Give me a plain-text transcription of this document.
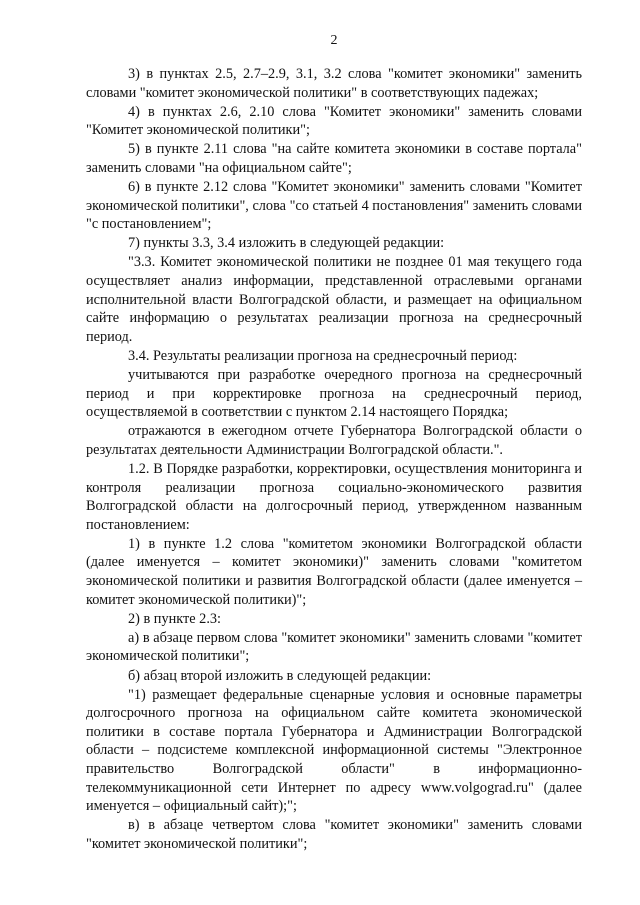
2

3) в пунктах 2.5, 2.7–2.9, 3.1, 3.2 слова "комитет экономики" заменить словами "комитет экономической политики" в соответствующих падежах;

4) в пунктах 2.6, 2.10 слова "Комитет экономики" заменить словами "Комитет экономической политики";

5) в пункте 2.11 слова "на сайте комитета экономики в составе портала" заменить словами "на официальном сайте";

6) в пункте 2.12 слова "Комитет экономики" заменить словами "Комитет экономической политики", слова "со статьей 4 постановления" заменить словами "с постановлением";

7) пункты 3.3, 3.4 изложить в следующей редакции:

"3.3. Комитет экономической политики не позднее 01 мая текущего года осуществляет анализ информации, представленной отраслевыми органами исполнительной власти Волгоградской области, и размещает на официальном сайте информацию о результатах реализации прогноза на среднесрочный период.

3.4. Результаты реализации прогноза на среднесрочный период:

учитываются при разработке очередного прогноза на среднесрочный период и при корректировке прогноза на среднесрочный период, осуществляемой в соответствии с пунктом 2.14 настоящего Порядка;

отражаются в ежегодном отчете Губернатора Волгоградской области о результатах деятельности Администрации Волгоградской области.".

1.2. В Порядке разработки, корректировки, осуществления мониторинга и контроля реализации прогноза социально-экономического развития Волгоградской области на долгосрочный период, утвержденном названным постановлением:

1) в пункте 1.2 слова "комитетом экономики Волгоградской области (далее именуется – комитет экономики)" заменить словами "комитетом экономической политики и развития Волгоградской области (далее именуется – комитет экономической политики)";

2) в пункте 2.3:

а) в абзаце первом слова "комитет экономики" заменить словами "комитет экономической политики";

б) абзац второй изложить в следующей редакции:

"1) размещает федеральные сценарные условия и основные параметры долгосрочного прогноза на официальном сайте комитета экономической политики в составе портала Губернатора и Администрации Волгоградской области – подсистеме комплексной информационной системы "Электронное правительство Волгоградской области" в информационно-телекоммуникационной сети Интернет по адресу www.volgograd.ru" (далее именуется – официальный сайт);";

в) в абзаце четвертом слова "комитет экономики" заменить словами "комитет экономической политики";
